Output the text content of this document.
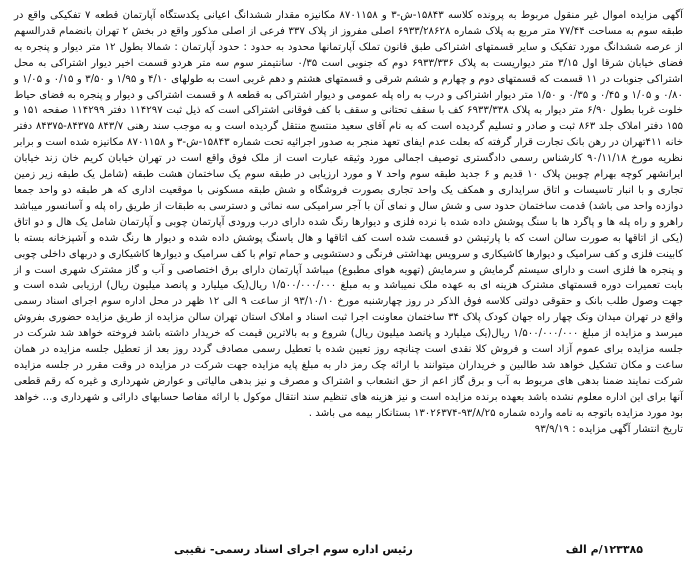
آگهی مزایده اموال غیر منقول مربوط به پرونده کلاسه ۱۵۸۴۳-ش-۳ و ۸۷۰۱۱۵۸ مکانیزه مقدار ششدانگ اعیانی یکدستگاه آپارتمان قطعه ۷ تفکیکی واقع در طبقه سوم به مساحت ۷۷/۴۴ متر مربع به پلاک شماره ۶۹۳۳/۲۸۶۲۸ اصلی مفروز از پلاک ۳۳۷ فرعی از اصلی مذکور واقع در بخش ۲ تهران بانضمام قدرالسهم از عرصه ششدانگ مورد تفکیک و سایر قسمتهای اشتراکی طبق قانون تملک آپارتمانها محدود به حدود : حدود آپارتمان : شمالا بطول ۱۲ متر دیوار و پنجره به فضای خیابان شرقا اول ۳/۱۵ متر دیواریست به پلاک ۶۹۳۳/۳۳۶ دوم که جنوبی است ۰/۳۵ سانتیمتر سوم سه متر هردو قسمت اخیر دیوار اشتراکی به محل اشتراکی جنوبات در ۱۱ قسمت که قسمتهای دوم و چهارم و ششم شرقی و قسمتهای هشتم و دهم غربی است به طولهای ۴/۱۰ و ۱/۹۵ و ۳/۵۰ و ۰/۱۵ و ۱/۰۵ و ۰/۸۰ و ۱/۰۵ و ۰/۴۵ و ۰/۳۵ و ۱/۵۰ متر دیوار اشتراکی و درب به راه پله عمومی و دیوار اشتراکی به قطعه ۸ و قسمت اشتراکی و دیوار و پنجره به فضای حیاط خلوت غربا بطول ۶/۹۰ متر دیوار به پلاک ۶۹۳۳/۳۳۸ کف با سقف تحتانی و سقف با کف فوقانی اشتراکی است که ذیل ثبت ۱۱۴۲۹۷ دفتر ۱۱۴۲۹۹ صفحه ۱۵۱ و ۱۵۵ دفتر املاک جلد ۸۶۳ ثبت و صادر و تسلیم گردیده است که به نام آقای سعید منتسج منتقل گردیده است و به موجب سند رهنی ۸۴۳/۷ ۸۴۳۷۵-۸۴۳۷۵ دفتر خانه ۴۱۱تهران در رهن بانک تجارت قرار گرفته که بعلت عدم ایفای تعهد منجر به صدور اجرائیه تحت شماره ۱۵۸۴۳-ش-۳ و ۸۷۰۱۱۵۸ مکانیزه شده است و برابر نظریه مورخ ۹۰/۱۱/۱۸ کارشناس رسمی دادگستری توصیف اجمالی مورد وثیقه عبارت است از ملک فوق واقع است در تهران خیابان کریم خان زند خیابان ایرانشهر کوچه بهرام چوبین پلاک ۱۰ قدیم و ۶ جدید طبقه سوم واحد ۷ و مورد ارزیابی در طبقه سوم یک ساختمان هشت طبقه (شامل یک طبقه زیر زمین تجاری و با انبار تاسیسات و اتاق سرایداری و همکف یک واحد تجاری بصورت فروشگاه و شش طبقه مسکونی با موقعیت اداری که هر طبقه دو واحد جمعا دوازده واحد می باشد) قدمت ساختمان حدود سی و شش سال و نمای آن با آجر سرامیکی سه نمائی و دسترسی به طبقات از طریق راه پله و آسانسور میباشد راهرو و راه پله ها و پاگرد ها با سنگ پوشش داده شده با نرده فلزی و دیوارها رنگ شده دارای درب ورودی آپارتمان چوبی و آپارتمان شامل یک هال و دو اتاق (یکی از اتاقها به صورت سالن است که با پارتیشن دو قسمت شده است کف اتاقها و هال یاسنگ پوشش داده شده و دیوار ها رنگ شده و آشپزخانه بسته با کابینت فلزی و کف سرامیک و دیوارها کاشیکاری و سرویس بهداشتی فرنگی و دستشویی و حمام توام با کف سرامیک و دیوارها کاشیکاری و دربهای داخلی چوبی و پنجره ها فلزی است و دارای سیستم گرمایش و سرمایش (تهویه هوای مطبوع) میباشد آپارتمان دارای برق اختصاصی و آب و گاز مشترک شهری است و از بابت تعمیرات دوره قسمتهای مشترک هزینه ای به عهده ملک نمیباشد و به مبلغ ۱/۵۰۰/۰۰۰/۰۰۰ ریال(یک میلیارد و پانصد میلیون ریال) ارزیابی شده است و جهت وصول طلب بانک و حقوقی دولتی کلاسه فوق الذکر در روز چهارشنبه مورخ ۹۳/۱۰/۱۰ از ساعت ۹ الی ۱۲ ظهر در محل اداره سوم اجرای اسناد رسمی واقع در تهران میدان ونک چهار راه جهان کودک پلاک ۳۴ ساختمان معاونت اجرا ثبت اسناد و املاک استان تهران سالن مزایده از طریق مزایده حضوری بفروش میرسد و مزایده از مبلغ ۱/۵۰۰/۰۰۰/۰۰۰ ریال(یک میلیارد و پانصد میلیون ریال) شروع و به بالاترین قیمت که خریدار داشته باشد فروخته خواهد شد شرکت در جلسه مزایده برای عموم آزاد است و فروش کلا نقدی است چنانچه روز تعیین شده با تعطیل رسمی مصادف گردد روز بعد از تعطیل جلسه مزایده در همان ساعت و مکان تشکیل خواهد شد طالبین و خریداران میتوانند با ارائه چک رمز دار به مبلغ پایه مزایده جهت شرکت در مزایده در وقت مقرر در جلسه مزایده شرکت نمایند ضمنا بدهی های مربوط به آب و برق گاز اعم از حق انشعاب و اشتراک و مصرف و نیز بدهی مالیاتی و عوارض شهرداری و غیره که رقم قطعی آنها برای این اداره معلوم نشده باشد بعهده برنده مزایده است و نیز هزینه های تنظیم سند انتقال موکول با ارائه مفاصا حسابهای دارائی و شهرداری و... خواهد بود مورد مزایده باتوجه به نامه وارده شماره ۹۳/۸/۲۵-۱۳۰۲۶۳۷۴ بستانکار بیمه می باشد .

تاریخ انتشار آگهی مزایده : ۹۳/۹/۱۹

۱۲۳۳۸۵/م الف
رئیس اداره سوم اجرای اسناد رسمی- نقیبی
